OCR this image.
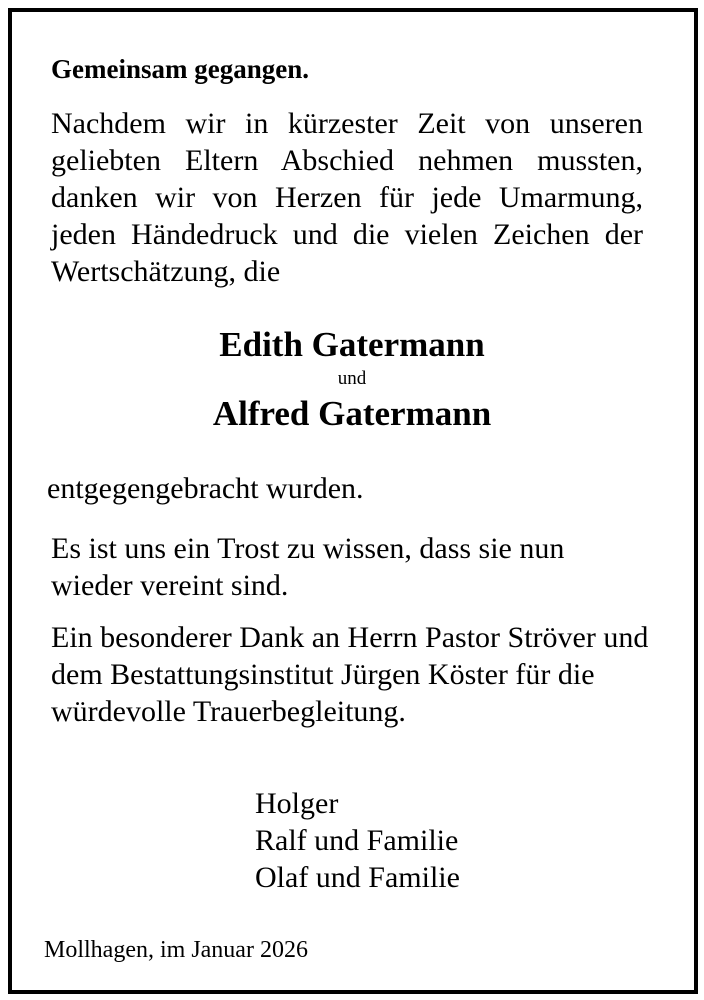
Gemeinsam gegangen.

Nachdem wir in kürzester Zeit von unseren geliebten Eltern Abschied nehmen mussten, danken wir von Herzen für jede Umarmung, jeden Händedruck und die vielen Zeichen der Wertschätzung, die

Edith Gatermann
und
Alfred Gatermann

entgegengebracht wurden.

Es ist uns ein Trost zu wissen, dass sie nun wieder vereint sind.

Ein besonderer Dank an Herrn Pastor Ströver und dem Bestattungsinstitut Jürgen Köster für die würdevolle Trauerbegleitung.

Holger
Ralf und Familie
Olaf und Familie
Mollhagen, im Januar 2026
